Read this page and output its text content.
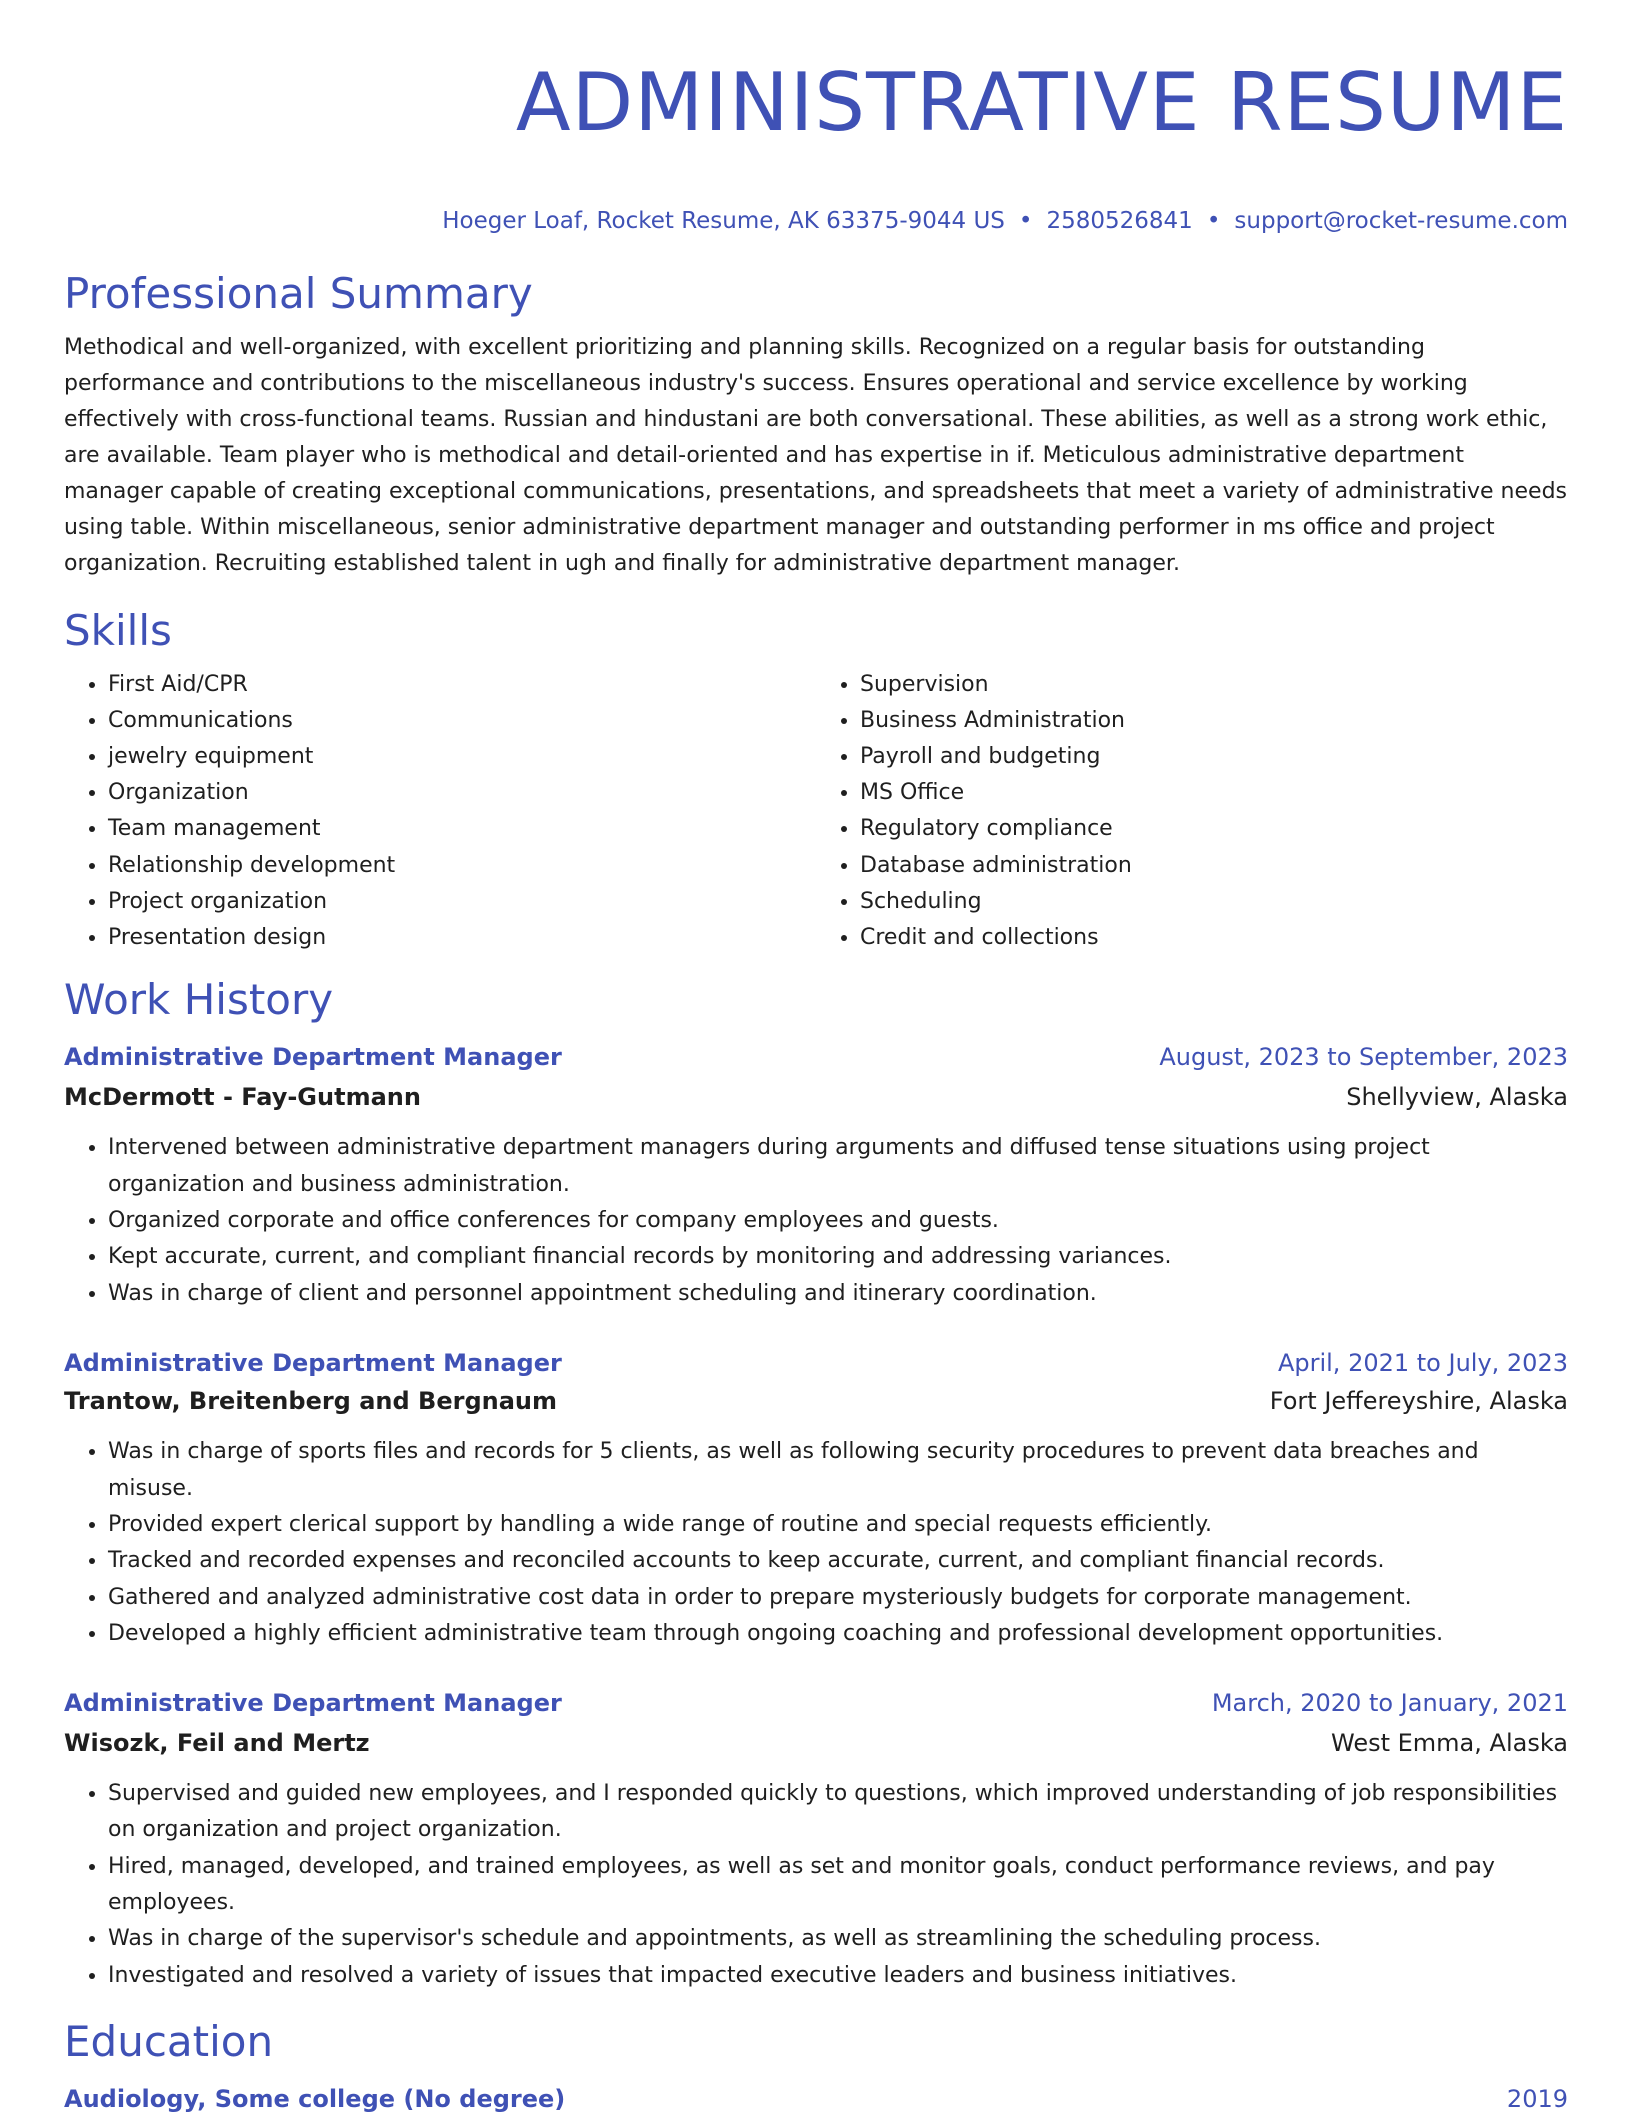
ADMINISTRATIVE RESUME
Hoeger Loaf, Rocket Resume, AK 63375-9044 US • 2580526841 • support@rocket-resume.com
Professional Summary

Methodical and well-organized, with excellent prioritizing and planning skills. Recognized on a regular basis for outstanding performance and contributions to the miscellaneous industry's success. Ensures operational and service excellence by working effectively with cross-functional teams. Russian and hindustani are both conversational. These abilities, as well as a strong work ethic, are available. Team player who is methodical and detail-oriented and has expertise in if. Meticulous administrative department manager capable of creating exceptional communications, presentations, and spreadsheets that meet a variety of administrative needs using table. Within miscellaneous, senior administrative department manager and outstanding performer in ms office and project organization. Recruiting established talent in ugh and finally for administrative department manager.

Skills
• First Aid/CPR
• Communications
• jewelry equipment
• Organization
• Team management
• Relationship development
• Project organization
• Presentation design
• Supervision
• Business Administration
• Payroll and budgeting
• MS Office
• Regulatory compliance
• Database administration
• Scheduling
• Credit and collections
Work History
Administrative Department Manager	August, 2023 to September, 2023
McDermott - Fay-Gutmann	Shellyview, Alaska
• Intervened between administrative department managers during arguments and diffused tense situations using project organization and business administration.
• Organized corporate and office conferences for company employees and guests.
• Kept accurate, current, and compliant financial records by monitoring and addressing variances.
• Was in charge of client and personnel appointment scheduling and itinerary coordination.
Administrative Department Manager	April, 2021 to July, 2023
Trantow, Breitenberg and Bergnaum	Fort Jeffereyshire, Alaska
• Was in charge of sports files and records for 5 clients, as well as following security procedures to prevent data breaches and misuse.
• Provided expert clerical support by handling a wide range of routine and special requests efficiently.
• Tracked and recorded expenses and reconciled accounts to keep accurate, current, and compliant financial records.
• Gathered and analyzed administrative cost data in order to prepare mysteriously budgets for corporate management.
• Developed a highly efficient administrative team through ongoing coaching and professional development opportunities.
Administrative Department Manager	March, 2020 to January, 2021
Wisozk, Feil and Mertz	West Emma, Alaska
• Supervised and guided new employees, and I responded quickly to questions, which improved understanding of job responsibilities on organization and project organization.
• Hired, managed, developed, and trained employees, as well as set and monitor goals, conduct performance reviews, and pay employees.
• Was in charge of the supervisor's schedule and appointments, as well as streamlining the scheduling process.
• Investigated and resolved a variety of issues that impacted executive leaders and business initiatives.
Education
Audiology, Some college (No degree)	2019
